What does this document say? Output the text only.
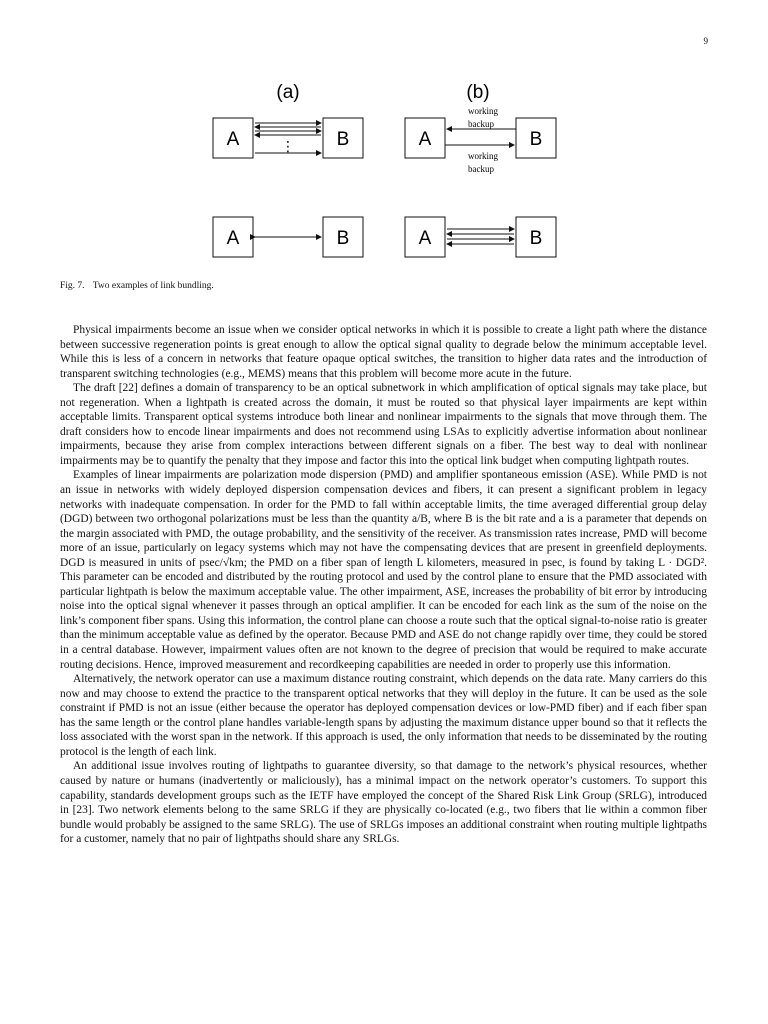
9
(a)	(b)
A	B
⋮	A	B
working
backup
working
backup
A	B	A	B
Fig. 7. Two examples of link bundling.

Physical impairments become an issue when we consider optical networks in which it is possible to create a light path where the distance between successive regeneration points is great enough to allow the optical signal quality to degrade below the minimum acceptable level. While this is less of a concern in networks that feature opaque optical switches, the transition to higher data rates and the introduction of transparent switching technologies (e.g., MEMS) means that this problem will become more acute in the future.

The draft [22] defines a domain of transparency to be an optical subnetwork in which amplification of optical signals may take place, but not regeneration. When a lightpath is created across the domain, it must be routed so that physical layer impairments are kept within acceptable limits. Transparent optical systems introduce both linear and nonlinear impairments to the signals that move through them. The draft considers how to encode linear impairments and does not recommend using LSAs to explicitly advertise information about nonlinear impairments, because they arise from complex interactions between different signals on a fiber. The best way to deal with nonlinear impairments may be to quantify the penalty that they impose and factor this into the optical link budget when computing lightpath routes.

Examples of linear impairments are polarization mode dispersion (PMD) and amplifier spontaneous emission (ASE). While PMD is not an issue in networks with widely deployed dispersion compensation devices and fibers, it can present a significant problem in legacy networks with inadequate compensation. In order for the PMD to fall within acceptable limits, the time averaged differential group delay (DGD) between two orthogonal polarizations must be less than the quantity a/B, where B is the bit rate and a is a parameter that depends on the margin associated with PMD, the outage probability, and the sensitivity of the receiver. As transmission rates increase, PMD will become more of an issue, particularly on legacy systems which may not have the compensating devices that are present in greenfield deployments. DGD is measured in units of psec/√km; the PMD on a fiber span of length L kilometers, measured in psec, is found by taking L · DGD². This parameter can be encoded and distributed by the routing protocol and used by the control plane to ensure that the PMD associated with particular lightpath is below the maximum acceptable value. The other impairment, ASE, increases the probability of bit error by introducing noise into the optical signal whenever it passes through an optical amplifier. It can be encoded for each link as the sum of the noise on the link’s component fiber spans. Using this information, the control plane can choose a route such that the optical signal-to-noise ratio is greater than the minimum acceptable value as defined by the operator. Because PMD and ASE do not change rapidly over time, they could be stored in a central database. However, impairment values often are not known to the degree of precision that would be required to make accurate routing decisions. Hence, improved measurement and recordkeeping capabilities are needed in order to properly use this information.

Alternatively, the network operator can use a maximum distance routing constraint, which depends on the data rate. Many carriers do this now and may choose to extend the practice to the transparent optical networks that they will deploy in the future. It can be used as the sole constraint if PMD is not an issue (either because the operator has deployed compensation devices or low-PMD fiber) and if each fiber span has the same length or the control plane handles variable-length spans by adjusting the maximum distance upper bound so that it reflects the loss associated with the worst span in the network. If this approach is used, the only information that needs to be disseminated by the routing protocol is the length of each link.

An additional issue involves routing of lightpaths to guarantee diversity, so that damage to the network’s physical resources, whether caused by nature or humans (inadvertently or maliciously), has a minimal impact on the network operator’s customers. To support this capability, standards development groups such as the IETF have employed the concept of the Shared Risk Link Group (SRLG), introduced in [23]. Two network elements belong to the same SRLG if they are physically co-located (e.g., two fibers that lie within a common fiber bundle would probably be assigned to the same SRLG). The use of SRLGs imposes an additional constraint when routing multiple lightpaths for a customer, namely that no pair of lightpaths should share any SRLGs.
